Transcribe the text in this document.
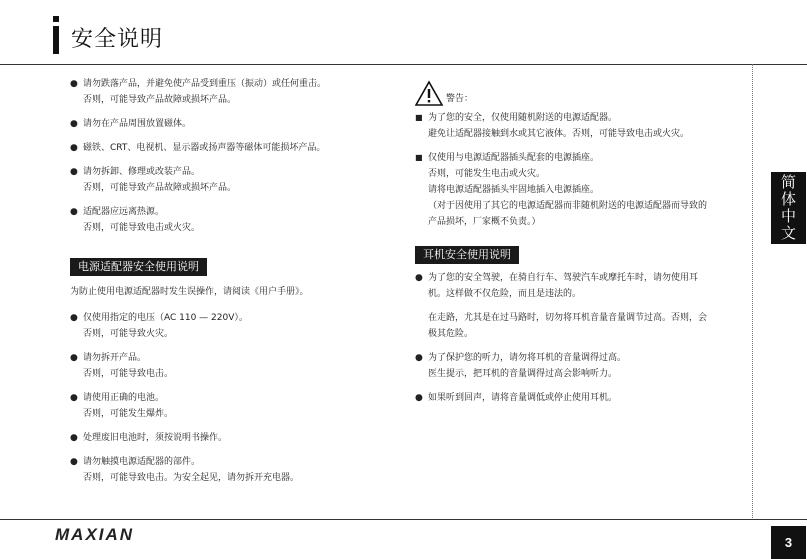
安全说明
简
体
中
文
● 请勿跌落产品，并避免使产品受到重压（振动）或任何重击。
否则，可能导致产品故障或损坏产品。
● 请勿在产品周围放置磁体。
● 磁铁、CRT、电视机、显示器或扬声器等磁体可能损坏产品。
● 请勿拆卸、修理或改装产品。
否则，可能导致产品故障或损坏产品。
● 适配器应远离热源。
否则，可能导致电击或火灾。
电源适配器安全使用说明
为防止使用电源适配器时发生误操作，请阅读《用户手册》。
● 仅使用指定的电压（AC 110 — 220V）。
否则，可能导致火灾。
● 请勿拆开产品。
否则，可能导致电击。
● 请使用正确的电池。
否则，可能发生爆炸。
● 处理废旧电池时，须按说明书操作。
● 请勿触摸电源适配器的部件。
否则，可能导致电击。为安全起见，请勿拆开充电器。
警告：
■ 为了您的安全，仅使用随机附送的电源适配器。
避免让适配器接触到水或其它液体。否则，可能导致电击或火灾。
■ 仅使用与电源适配器插头配套的电源插座。
否则，可能发生电击或火灾。
请将电源适配器插头牢固地插入电源插座。
（对于因使用了其它的电源适配器而非随机附送的电源适配器而导致的
产品损坏，厂家概不负责。）
耳机安全使用说明
● 为了您的安全驾驶，在骑自行车、驾驶汽车或摩托车时，请勿使用耳
机。这样做不仅危险，而且是违法的。
在走路，尤其是在过马路时，切勿将耳机音量音量调节过高。否则，会
极其危险。
● 为了保护您的听力，请勿将耳机的音量调得过高。
医生提示，把耳机的音量调得过高会影响听力。
● 如果听到回声，请将音量调低或停止使用耳机。
MAXIAN	3
